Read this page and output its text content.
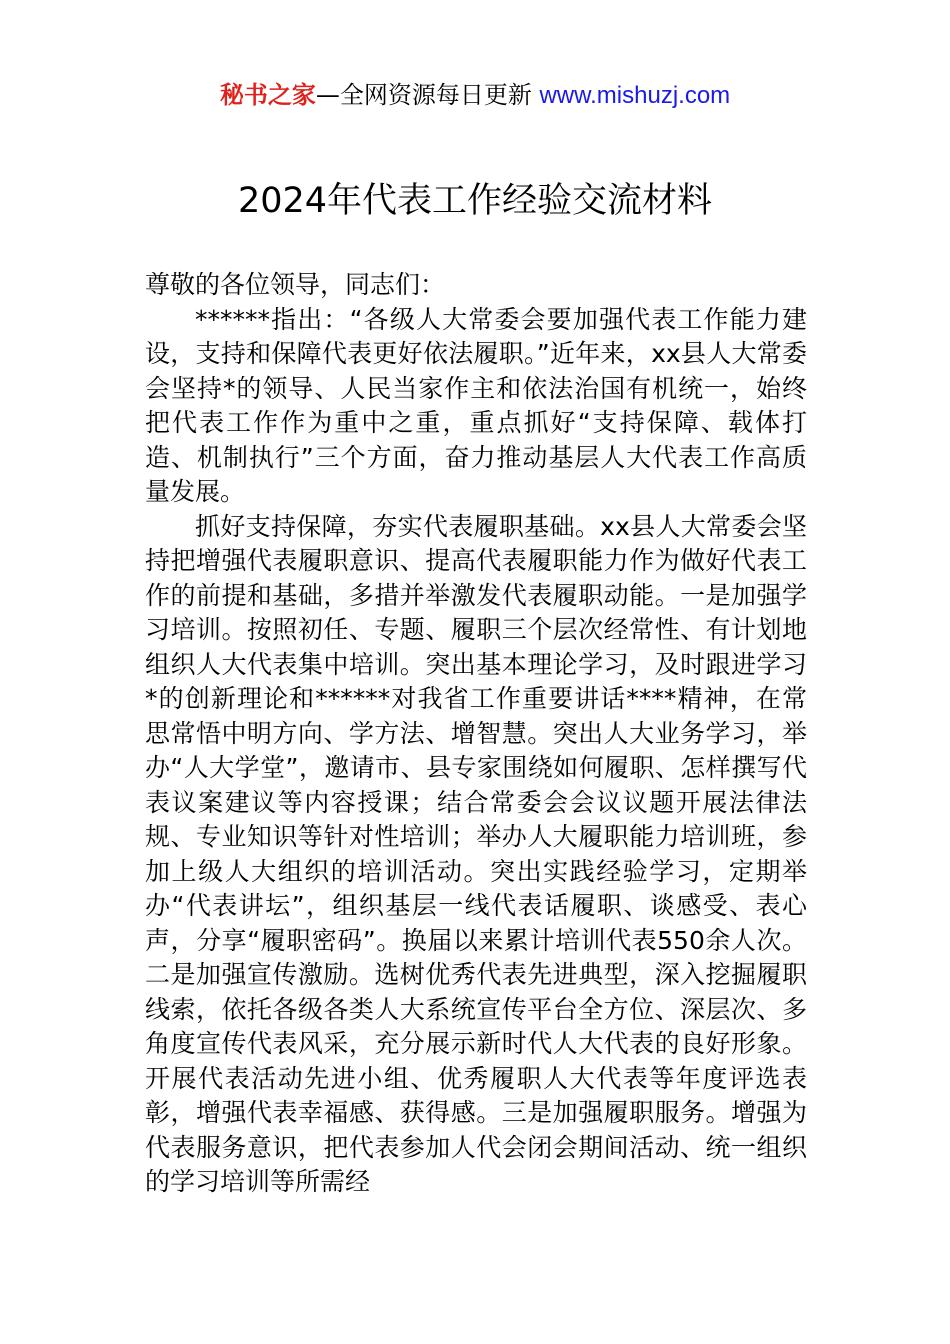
秘书之家—全网资源每日更新 www.mishuzj.com
2024年代表工作经验交流材料

尊敬的各位领导，同志们：

******指出：“各级人大常委会要加强代表工作能力建设，支持和保障代表更好依法履职。”近年来，xx县人大常委会坚持*的领导、人民当家作主和依法治国有机统一，始终把代表工作作为重中之重，重点抓好“支持保障、载体打造、机制执行”三个方面，奋力推动基层人大代表工作高质量发展。

抓好支持保障，夯实代表履职基础。xx县人大常委会坚持把增强代表履职意识、提高代表履职能力作为做好代表工作的前提和基础，多措并举激发代表履职动能。一是加强学习培训。按照初任、专题、履职三个层次经常性、有计划地组织人大代表集中培训。突出基本理论学习，及时跟进学习*的创新理论和******对我省工作重要讲话****精神，在常思常悟中明方向、学方法、增智慧。突出人大业务学习，举办“人大学堂”，邀请市、县专家围绕如何履职、怎样撰写代表议案建议等内容授课；结合常委会会议议题开展法律法规、专业知识等针对性培训；举办人大履职能力培训班，参加上级人大组织的培训活动。突出实践经验学习，定期举办“代表讲坛”，组织基层一线代表话履职、谈感受、表心声，分享“履职密码”。换届以来累计培训代表550余人次。二是加强宣传激励。选树优秀代表先进典型，深入挖掘履职线索，依托各级各类人大系统宣传平台全方位、深层次、多角度宣传代表风采，充分展示新时代人大代表的良好形象。开展代表活动先进小组、优秀履职人大代表等年度评选表彰，增强代表幸福感、获得感。三是加强履职服务。增强为代表服务意识，把代表参加人代会闭会期间活动、统一组织的学习培训等所需经
